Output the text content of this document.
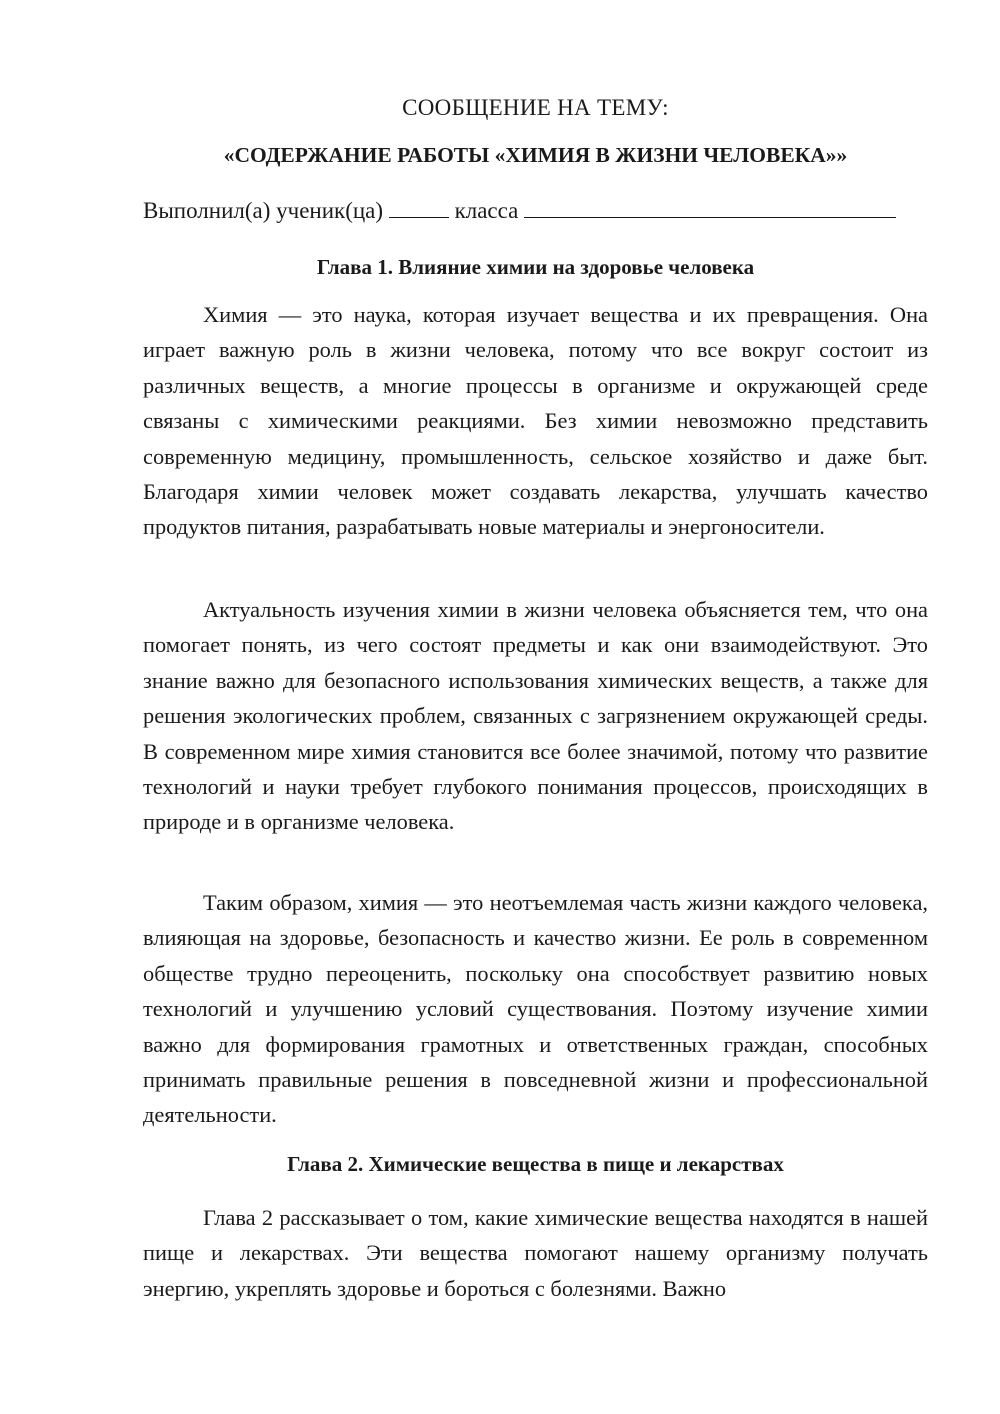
СООБЩЕНИЕ НА ТЕМУ:
«СОДЕРЖАНИЕ РАБОТЫ «ХИМИЯ В ЖИЗНИ ЧЕЛОВЕКА»»
Выполнил(а) ученик(ца)	класса
Глава 1. Влияние химии на здоровье человека

Химия — это наука, которая изучает вещества и их превращения. Она играет важную роль в жизни человека, потому что все вокруг состоит из различных веществ, а многие процессы в организме и окружающей среде связаны с химическими реакциями. Без химии невозможно представить современную медицину, промышленность, сельское хозяйство и даже быт. Благодаря химии человек может создавать лекарства, улучшать качество продуктов питания, разрабатывать новые материалы и энергоносители.

Актуальность изучения химии в жизни человека объясняется тем, что она помогает понять, из чего состоят предметы и как они взаимодействуют. Это знание важно для безопасного использования химических веществ, а также для решения экологических проблем, связанных с загрязнением окружающей среды. В современном мире химия становится все более значимой, потому что развитие технологий и науки требует глубокого понимания процессов, происходящих в природе и в организме человека.

Таким образом, химия — это неотъемлемая часть жизни каждого человека, влияющая на здоровье, безопасность и качество жизни. Ее роль в современном обществе трудно переоценить, поскольку она способствует развитию новых технологий и улучшению условий существования. Поэтому изучение химии важно для формирования грамотных и ответственных граждан, способных принимать правильные решения в повседневной жизни и профессиональной деятельности.

Глава 2. Химические вещества в пище и лекарствах

Глава 2 рассказывает о том, какие химические вещества находятся в нашей пище и лекарствах. Эти вещества помогают нашему организму получать энергию, укреплять здоровье и бороться с болезнями. Важно
